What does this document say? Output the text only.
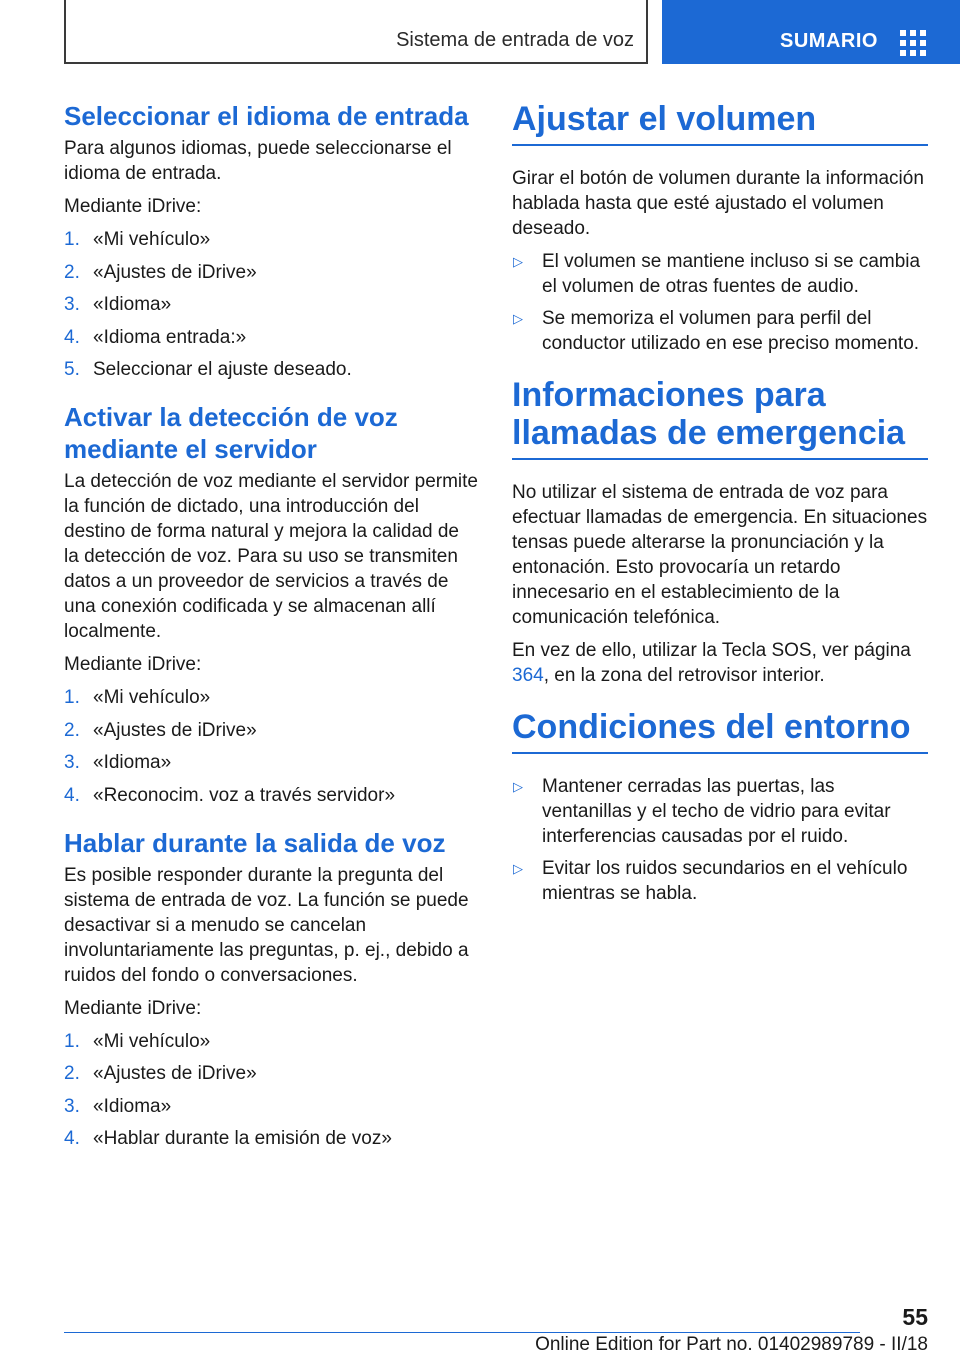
Sistema de entrada de voz	SUMARIO
Seleccionar el idioma de entrada

Para algunos idiomas, puede seleccionarse el idioma de entrada.

Mediante iDrive:

1. «Mi vehículo»
2. «Ajustes de iDrive»
3. «Idioma»
4. «Idioma entrada:»
5. Seleccionar el ajuste deseado.
Activar la detección de voz mediante el servidor

La detección de voz mediante el servidor permite la función de dictado, una introducción del destino de forma natural y mejora la calidad de la detección de voz. Para su uso se transmiten datos a un proveedor de servicios a través de una conexión codificada y se almacenan allí localmente.

Mediante iDrive:

1. «Mi vehículo»
2. «Ajustes de iDrive»
3. «Idioma»
4. «Reconocim. voz a través servidor»
Hablar durante la salida de voz

Es posible responder durante la pregunta del sistema de entrada de voz. La función se puede desactivar si a menudo se cancelan involuntariamente las preguntas, p. ej., debido a ruidos del fondo o conversaciones.

Mediante iDrive:

1. «Mi vehículo»
2. «Ajustes de iDrive»
3. «Idioma»
4. «Hablar durante la emisión de voz»
Ajustar el volumen

Girar el botón de volumen durante la información hablada hasta que esté ajustado el volumen deseado.

▷	El volumen se mantiene incluso si se cambia el volumen de otras fuentes de audio.
▷	Se memoriza el volumen para perfil del conductor utilizado en ese preciso momento.
Informaciones para llamadas de emergencia

No utilizar el sistema de entrada de voz para efectuar llamadas de emergencia. En situaciones tensas puede alterarse la pronunciación y la entonación. Esto provocaría un retardo innecesario en el establecimiento de la comunicación telefónica.

En vez de ello, utilizar la Tecla SOS, ver página 364, en la zona del retrovisor interior.

Condiciones del entorno
▷	Mantener cerradas las puertas, las ventanillas y el techo de vidrio para evitar interferencias causadas por el ruido.
▷	Evitar los ruidos secundarios en el vehículo mientras se habla.
55
Online Edition for Part no. 01402989789 - II/18
